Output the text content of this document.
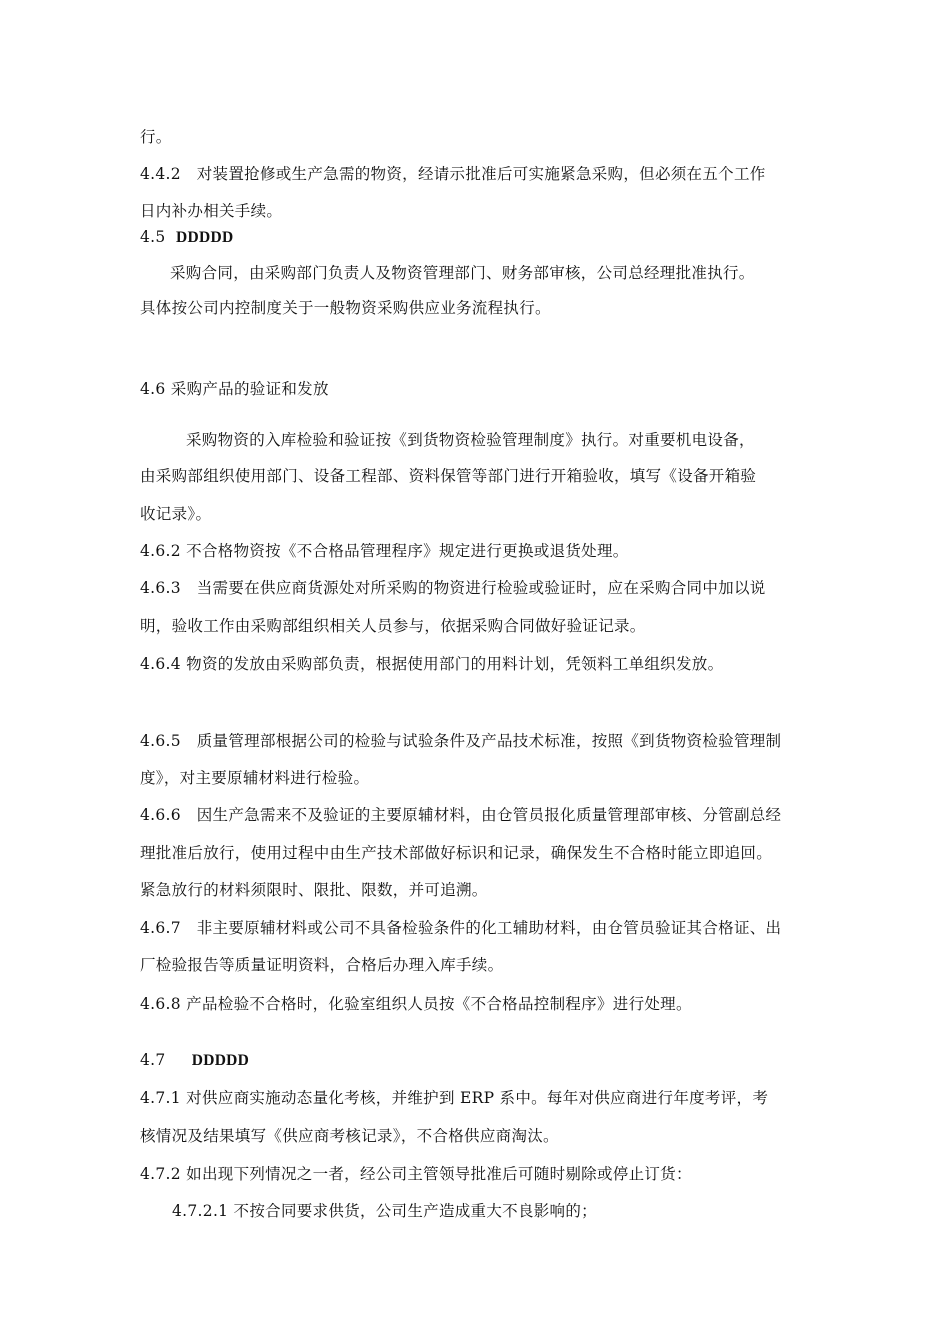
行。
4.4.2　对装置抢修或生产急需的物资，经请示批准后可实施紧急采购，但必须在五个工作
日内补办相关手续。
4.5 DDDDD
采购合同，由采购部门负责人及物资管理部门、财务部审核，公司总经理批准执行。
具体按公司内控制度关于一般物资采购供应业务流程执行。
4.6 采购产品的验证和发放
采购物资的入库检验和验证按《到货物资检验管理制度》执行。对重要机电设备，
由采购部组织使用部门、设备工程部、资料保管等部门进行开箱验收，填写《设备开箱验
收记录》。
4.6.2 不合格物资按《不合格品管理程序》规定进行更换或退货处理。
4.6.3　当需要在供应商货源处对所采购的物资进行检验或验证时，应在采购合同中加以说
明，验收工作由采购部组织相关人员参与，依据采购合同做好验证记录。
4.6.4 物资的发放由采购部负责，根据使用部门的用料计划，凭领料工单组织发放。
4.6.5　质量管理部根据公司的检验与试验条件及产品技术标准，按照《到货物资检验管理制
度》，对主要原辅材料进行检验。
4.6.6　因生产急需来不及验证的主要原辅材料，由仓管员报化质量管理部审核、分管副总经
理批准后放行，使用过程中由生产技术部做好标识和记录，确保发生不合格时能立即追回。
紧急放行的材料须限时、限批、限数，并可追溯。
4.6.7　非主要原辅材料或公司不具备检验条件的化工辅助材料，由仓管员验证其合格证、出
厂检验报告等质量证明资料，合格后办理入库手续。
4.6.8 产品检验不合格时，化验室组织人员按《不合格品控制程序》进行处理。
4.7 DDDDD
4.7.1 对供应商实施动态量化考核，并维护到 ERP 系中。每年对供应商进行年度考评，考
核情况及结果填写《供应商考核记录》，不合格供应商淘汰。
4.7.2 如出现下列情况之一者，经公司主管领导批准后可随时剔除或停止订货：
4.7.2.1 不按合同要求供货，公司生产造成重大不良影响的；
